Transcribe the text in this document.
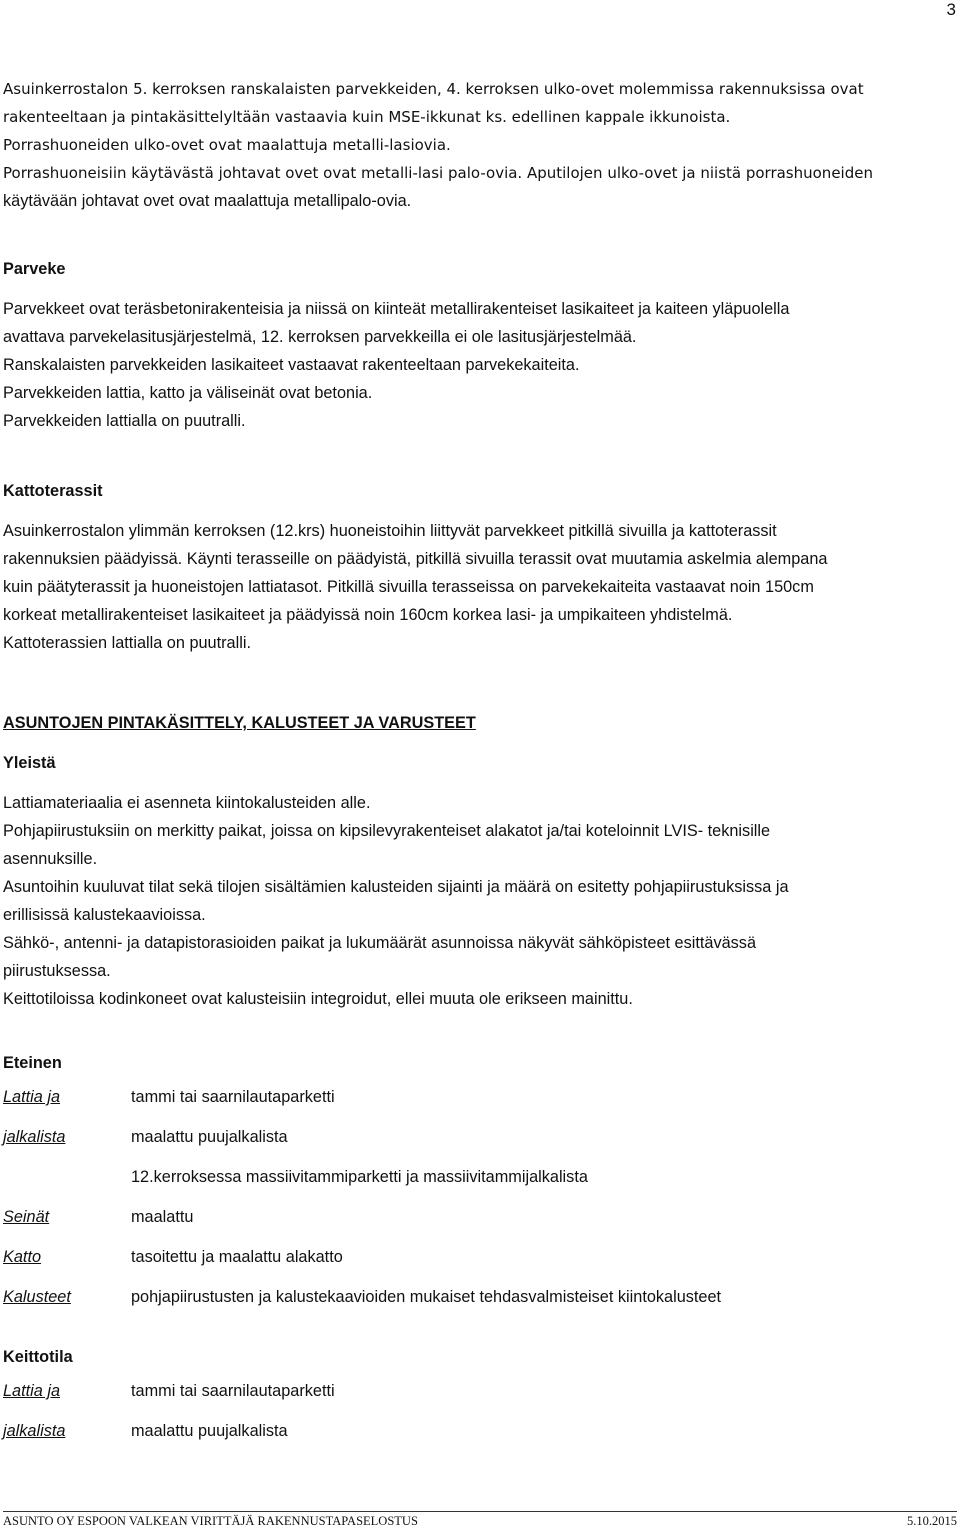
3

Asuinkerrostalon 5. kerroksen ranskalaisten parvekkeiden, 4. kerroksen ulko-ovet molemmissa rakennuksissa ovat

rakenteeltaan ja pintakäsittelyltään vastaavia kuin MSE-ikkunat ks. edellinen kappale ikkunoista.

Porrashuoneiden ulko-ovet ovat maalattuja metalli-lasiovia.

Porrashuoneisiin käytävästä johtavat ovet ovat metalli-lasi palo-ovia. Aputilojen ulko-ovet ja niistä porrashuoneiden

käytävään johtavat ovet ovat maalattuja metallipalo-ovia.

Parveke

Parvekkeet ovat teräsbetonirakenteisia ja niissä on kiinteät metallirakenteiset lasikaiteet ja kaiteen yläpuolella

avattava parvekelasitusjärjestelmä, 12. kerroksen parvekkeilla ei ole lasitusjärjestelmää.

Ranskalaisten parvekkeiden lasikaiteet vastaavat rakenteeltaan parvekekaiteita.

Parvekkeiden lattia, katto ja väliseinät ovat betonia.

Parvekkeiden lattialla on puutralli.

Kattoterassit

Asuinkerrostalon ylimmän kerroksen (12.krs) huoneistoihin liittyvät parvekkeet pitkillä sivuilla ja kattoterassit

rakennuksien päädyissä. Käynti terasseille on päädyistä, pitkillä sivuilla terassit ovat muutamia askelmia alempana

kuin päätyterassit ja huoneistojen lattiatasot. Pitkillä sivuilla terasseissa on parvekekaiteita vastaavat noin 150cm

korkeat metallirakenteiset lasikaiteet ja päädyissä noin 160cm korkea lasi- ja umpikaiteen yhdistelmä.

Kattoterassien lattialla on puutralli.

ASUNTOJEN PINTAKÄSITTELY, KALUSTEET JA VARUSTEET

Yleistä

Lattiamateriaalia ei asenneta kiintokalusteiden alle.

Pohjapiirustuksiin on merkitty paikat, joissa on kipsilevyrakenteiset alakatot ja/tai koteloinnit LVIS- teknisille

asennuksille.

Asuntoihin kuuluvat tilat sekä tilojen sisältämien kalusteiden sijainti ja määrä on esitetty pohjapiirustuksissa ja

erillisissä kalustekaavioissa.

Sähkö-, antenni- ja datapistorasioiden paikat ja lukumäärät asunnoissa näkyvät sähköpisteet esittävässä

piirustuksessa.

Keittotiloissa kodinkoneet ovat kalusteisiin integroidut, ellei muuta ole erikseen mainittu.

Eteinen

Lattia ja	tammi tai saarnilautaparketti
jalkalista	maalattu puujalkalista
12.kerroksessa massiivitammiparketti ja massiivitammijalkalista
Seinät	maalattu
Katto	tasoitettu ja maalattu alakatto
Kalusteet	pohjapiirustusten ja kalustekaavioiden mukaiset tehdasvalmisteiset kiintokalusteet

Keittotila

Lattia ja	tammi tai saarnilautaparketti
jalkalista	maalattu puujalkalista
ASUNTO OY ESPOON VALKEAN VIRITTÄJÄ RAKENNUSTAPASELOSTUS	5.10.2015
